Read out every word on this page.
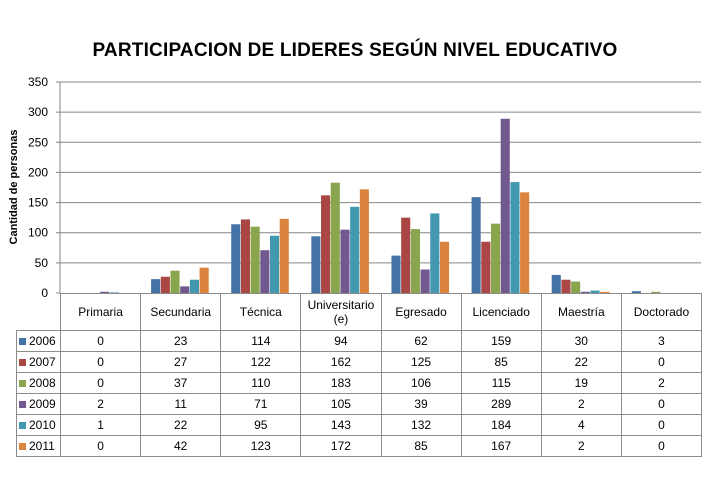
PARTICIPACION DE LIDERES SEGÚN NIVEL EDUCATIVO
Cantidad de personas
0
50
100
150
200
250
300
350
	Primaria	Secundaria	Técnica	Universitario (e)	Egresado	Licenciado	Maestría	Doctorado
2006	0	23	114	94	62	159	30	3
2007	0	27	122	162	125	85	22	0
2008	0	37	110	183	106	115	19	2
2009	2	11	71	105	39	289	2	0
2010	1	22	95	143	132	184	4	0
2011	0	42	123	172	85	167	2	0
